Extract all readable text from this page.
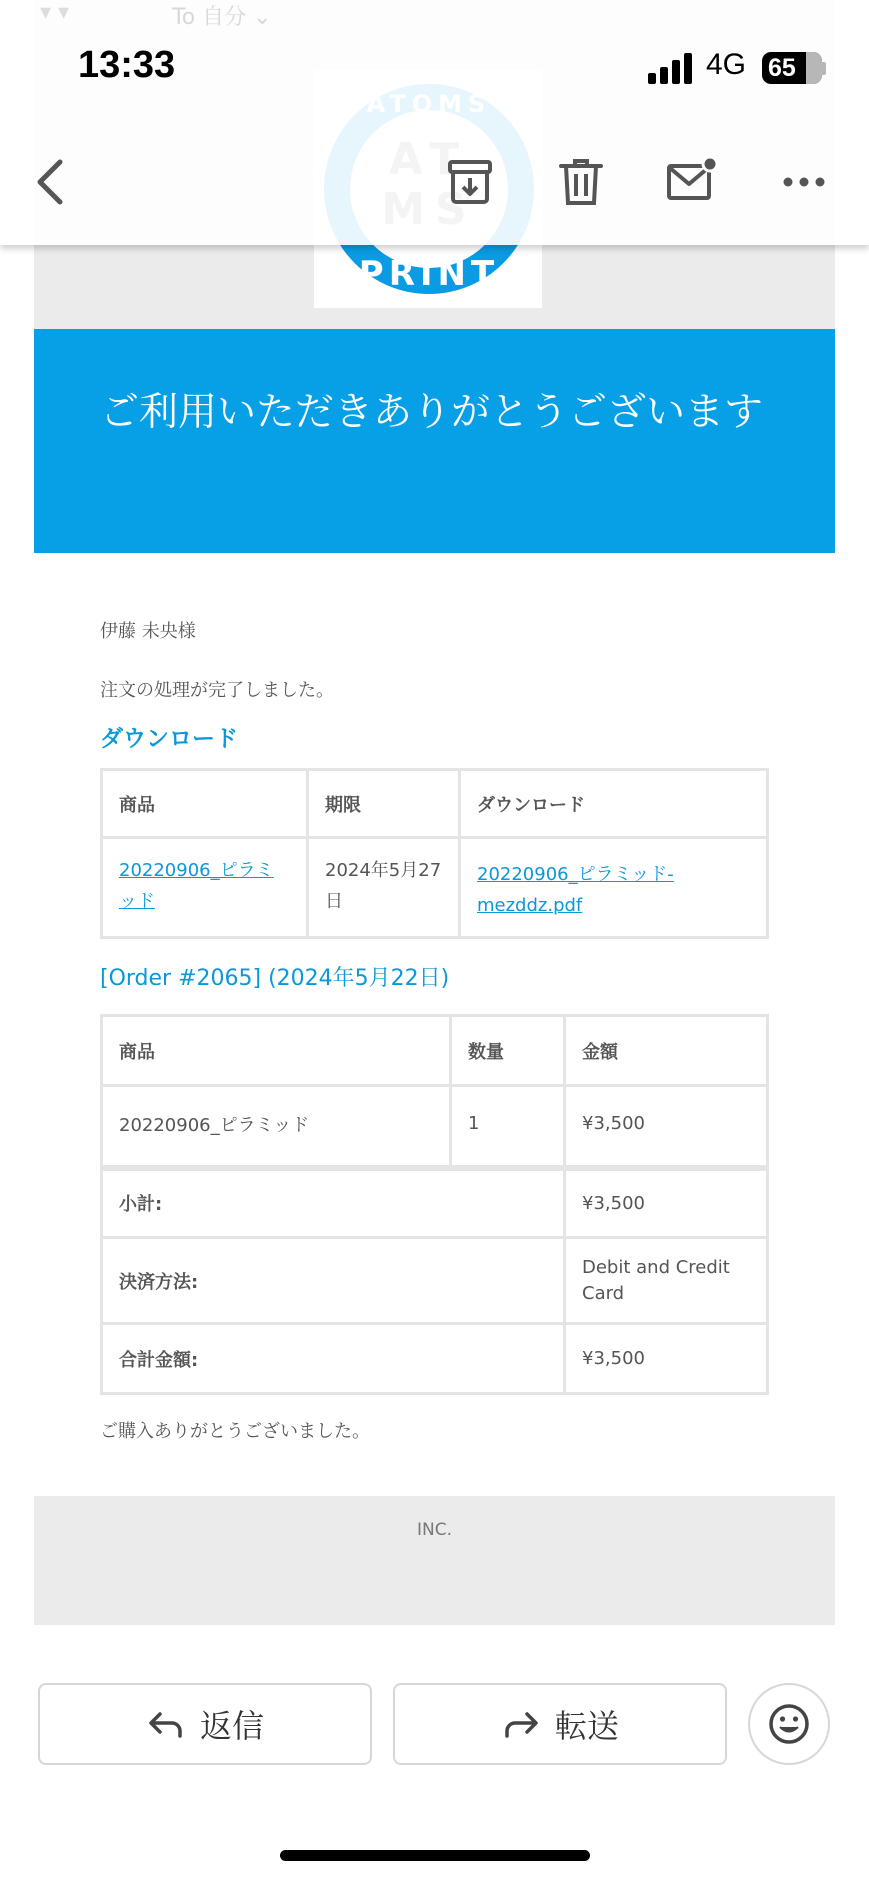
PRINT
ご利用いただきありがとうございます
伊藤 未央様
注文の処理が完了しました。
ダウンロード
商品	期限	ダウンロード
20220906_ピラミッド	2024年5月27日	20220906_ピラミッド-mezddz.pdf
[Order #2065] (2024年5月22日)
商品	数量	金額
20220906_ピラミッド	1	¥3,500
小計:		¥3,500
決済方法:		Debit and Credit Card
合計金額:		¥3,500
ご購入ありがとうございました。
INC.
▾ ▾	To 自分 ⌄
13:33	4G 65
返信	転送
